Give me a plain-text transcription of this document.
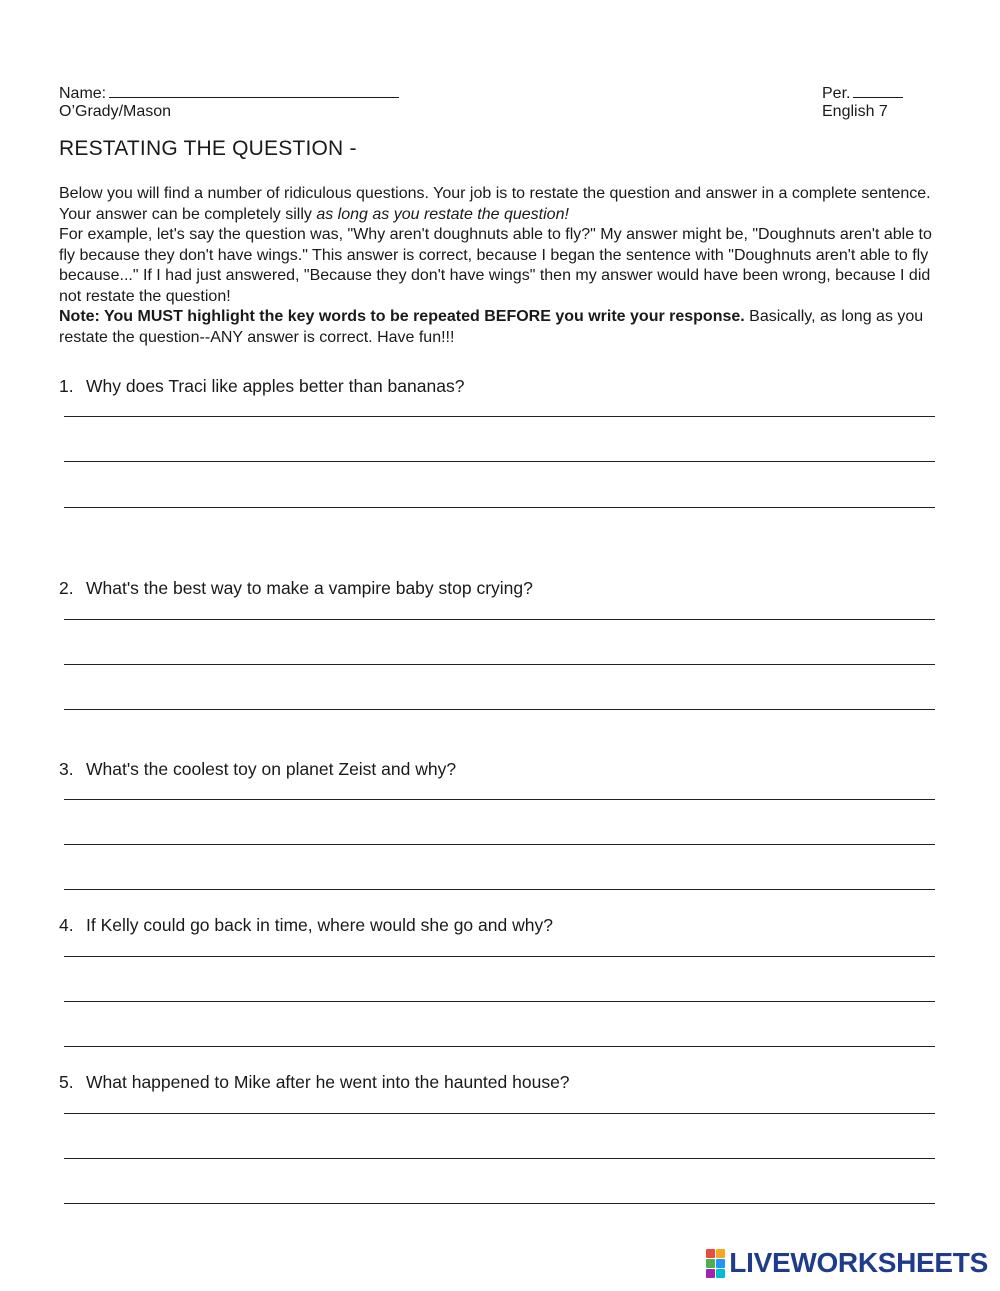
Name:	Per.
O’Grady/Mason	English 7
RESTATING THE QUESTION -

Below you will find a number of ridiculous questions. Your job is to restate the question and answer in a complete sentence. Your answer can be completely silly as long as you restate the question!

For example, let's say the question was, "Why aren't doughnuts able to fly?" My answer might be, "Doughnuts aren't able to fly because they don't have wings." This answer is correct, because I began the sentence with "Doughnuts aren't able to fly because..." If I had just answered, "Because they don't have wings" then my answer would have been wrong, because I did not restate the question!

Note: You MUST highlight the key words to be repeated BEFORE you write your response. Basically, as long as you restate the question--ANY answer is correct. Have fun!!!

1. Why does Traci like apples better than bananas?
2. What's the best way to make a vampire baby stop crying?
3. What's the coolest toy on planet Zeist and why?
4. If Kelly could go back in time, where would she go and why?
5. What happened to Mike after he went into the haunted house?
LIVEWORKSHEETS
